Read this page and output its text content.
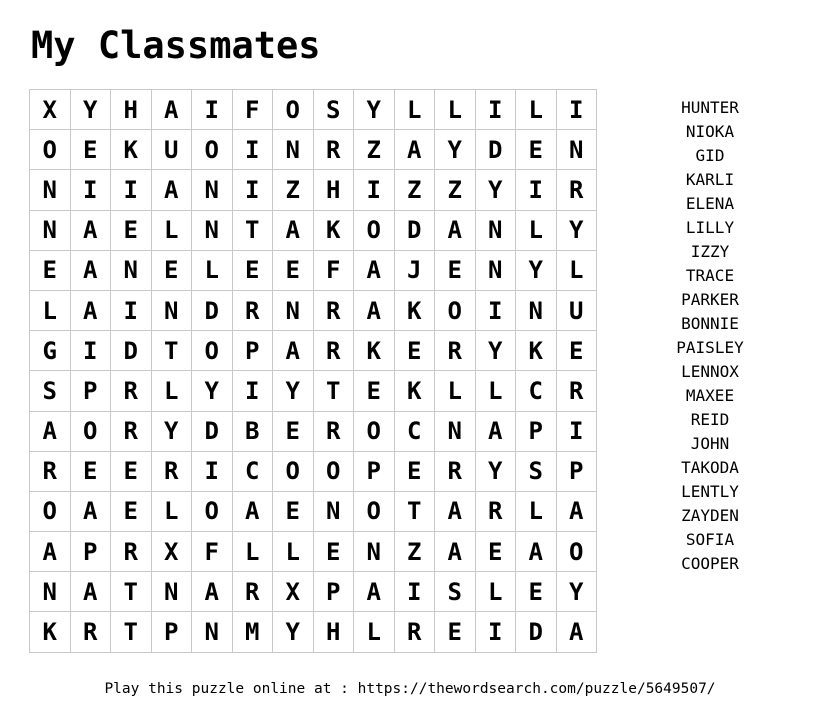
My Classmates
X	Y	H	A	I	F	O	S	Y	L	L	I	L	I
O	E	K	U	O	I	N	R	Z	A	Y	D	E	N
N	I	I	A	N	I	Z	H	I	Z	Z	Y	I	R
N	A	E	L	N	T	A	K	O	D	A	N	L	Y
E	A	N	E	L	E	E	F	A	J	E	N	Y	L
L	A	I	N	D	R	N	R	A	K	O	I	N	U
G	I	D	T	O	P	A	R	K	E	R	Y	K	E
S	P	R	L	Y	I	Y	T	E	K	L	L	C	R
A	O	R	Y	D	B	E	R	O	C	N	A	P	I
R	E	E	R	I	C	O	O	P	E	R	Y	S	P
O	A	E	L	O	A	E	N	O	T	A	R	L	A
A	P	R	X	F	L	L	E	N	Z	A	E	A	O
N	A	T	N	A	R	X	P	A	I	S	L	E	Y
K	R	T	P	N	M	Y	H	L	R	E	I	D	A
HUNTER
NIOKA
GID
KARLI
ELENA
LILLY
IZZY
TRACE
PARKER
BONNIE
PAISLEY
LENNOX
MAXEE
REID
JOHN
TAKODA
LENTLY
ZAYDEN
SOFIA
COOPER
Play this puzzle online at : https://thewordsearch.com/puzzle/5649507/
